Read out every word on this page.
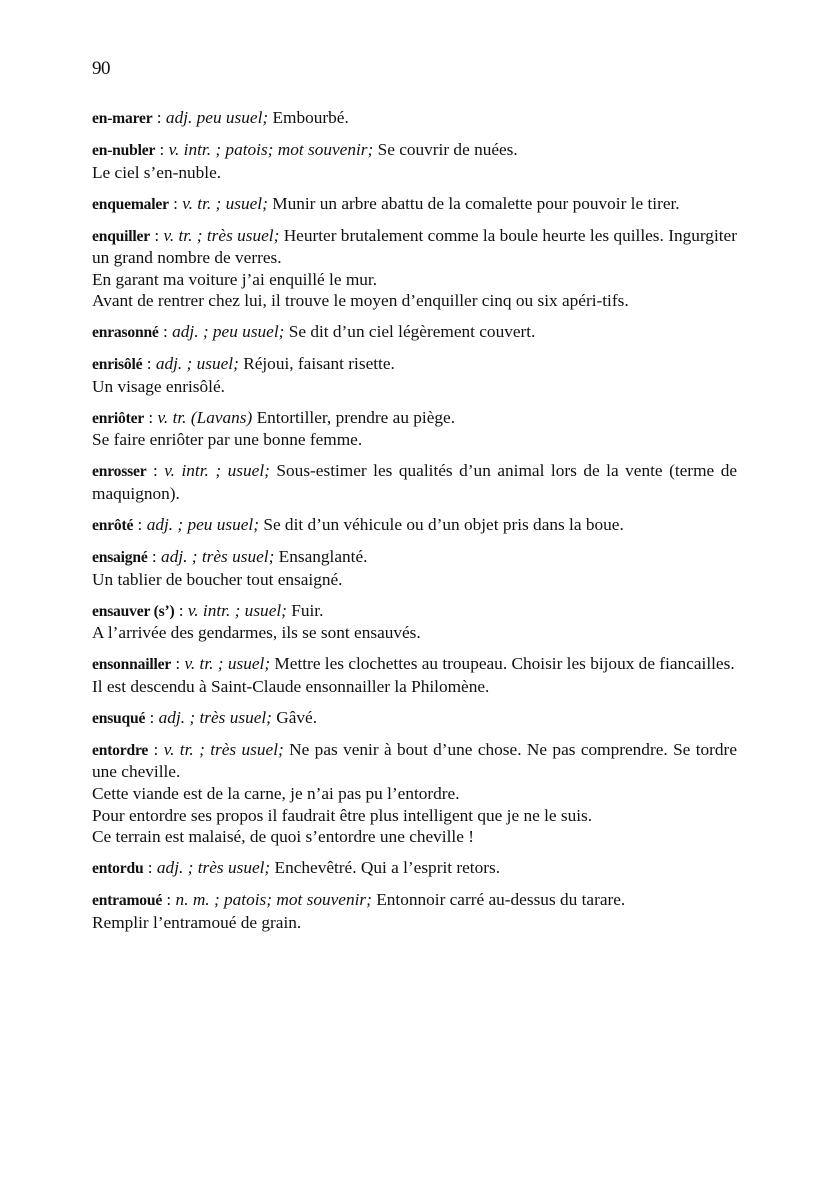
90
en-marer : adj. peu usuel; Embourbé.
en-nubler : v. intr. ; patois; mot souvenir; Se couvrir de nuées.
Le ciel s’en-nuble.
enquemaler : v. tr. ; usuel; Munir un arbre abattu de la comalette pour pouvoir le tirer.
enquiller : v. tr. ; très usuel; Heurter brutalement comme la boule heurte les quilles. Ingurgiter un grand nombre de verres.
En garant ma voiture j’ai enquillé le mur.
Avant de rentrer chez lui, il trouve le moyen d’enquiller cinq ou six apéri-tifs.
enrasonné : adj. ; peu usuel; Se dit d’un ciel légèrement couvert.
enrisôlé : adj. ; usuel; Réjoui, faisant risette.
Un visage enrisôlé.
enriôter : v. tr. (Lavans) Entortiller, prendre au piège.
Se faire enriôter par une bonne femme.
enrosser : v. intr. ; usuel; Sous-estimer les qualités d’un animal lors de la vente (terme de maquignon).
enrôté : adj. ; peu usuel; Se dit d’un véhicule ou d’un objet pris dans la boue.
ensaigné : adj. ; très usuel; Ensanglanté.
Un tablier de boucher tout ensaigné.
ensauver (s’) : v. intr. ; usuel; Fuir.
A l’arrivée des gendarmes, ils se sont ensauvés.
ensonnailler : v. tr. ; usuel; Mettre les clochettes au troupeau. Choisir les bijoux de fiancailles.
Il est descendu à Saint-Claude ensonnailler la Philomène.
ensuqué : adj. ; très usuel; Gâvé.
entordre : v. tr. ; très usuel; Ne pas venir à bout d’une chose. Ne pas comprendre. Se tordre une cheville.
Cette viande est de la carne, je n’ai pas pu l’entordre.
Pour entordre ses propos il faudrait être plus intelligent que je ne le suis.
Ce terrain est malaisé, de quoi s’entordre une cheville !
entordu : adj. ; très usuel; Enchevêtré. Qui a l’esprit retors.
entramoué : n. m. ; patois; mot souvenir; Entonnoir carré au-dessus du tarare.
Remplir l’entramoué de grain.
